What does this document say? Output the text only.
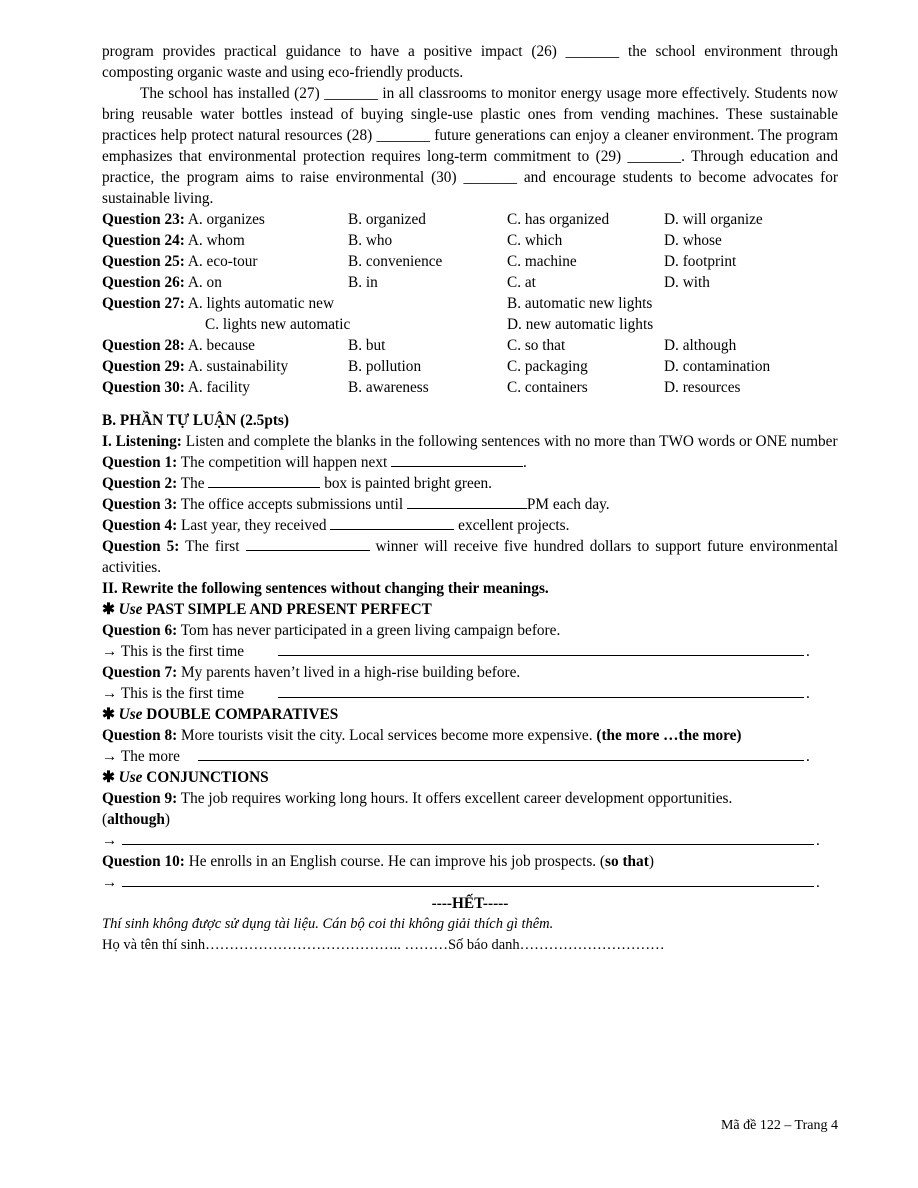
program provides practical guidance to have a positive impact (26) _______ the school environment through composting organic waste and using eco-friendly products.

The school has installed (27) _______ in all classrooms to monitor energy usage more effectively. Students now bring reusable water bottles instead of buying single-use plastic ones from vending machines. These sustainable practices help protect natural resources (28) _______ future generations can enjoy a cleaner environment. The program emphasizes that environmental protection requires long-term commitment to (29) _______. Through education and practice, the program aims to raise environmental (30) _______ and encourage students to become advocates for sustainable living.

Question 23: A. organizes	B. organized	C. has organized	D. will organize
Question 24: A. whom	B. who	C. which	D. whose
Question 25: A. eco-tour	B. convenience	C. machine	D. footprint
Question 26: A. on	B. in	C. at	D. with
Question 27: A. lights automatic new	B. automatic new lights
C. lights new automatic	D. new automatic lights
Question 28: A. because	B. but	C. so that	D. although
Question 29: A. sustainability	B. pollution	C. packaging	D. contamination
Question 30: A. facility	B. awareness	C. containers	D. resources

B. PHẦN TỰ LUẬN (2.5pts)

I. Listening: Listen and complete the blanks in the following sentences with no more than TWO words or ONE number

Question 1: The competition will happen next	.

Question 2: The	box is painted bright green.

Question 3: The office accepts submissions until	PM each day.

Question 4: Last year, they received	excellent projects.

Question 5: The first	winner will receive five hundred dollars to support future environmental activities.

II. Rewrite the following sentences without changing their meanings.

✱ Use PAST SIMPLE AND PRESENT PERFECT

Question 6: Tom has never participated in a green living campaign before.

→ This is the first time	.

Question 7: My parents haven’t lived in a high-rise building before.

→ This is the first time	.

✱ Use DOUBLE COMPARATIVES

Question 8: More tourists visit the city. Local services become more expensive. (the more …the more)

→ The more	.

✱ Use CONJUNCTIONS

Question 9: The job requires working long hours. It offers excellent career development opportunities. (although)

→	.

Question 10: He enrolls in an English course. He can improve his job prospects. (so that)

→	.

----HẾT-----

Thí sinh không được sử dụng tài liệu. Cán bộ coi thi không giải thích gì thêm.

Họ và tên thí sinh………………………………….. ………Số báo danh…………………………

Mã đề 122 – Trang 4
